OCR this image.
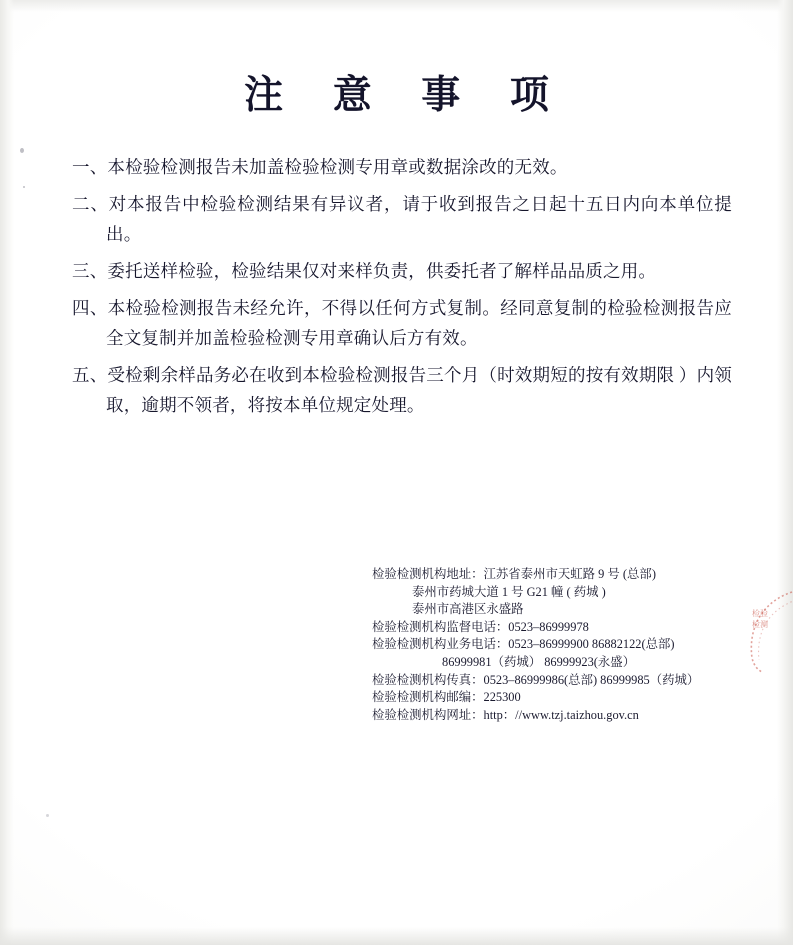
注 意 事 项
一、本检验检测报告未加盖检验检测专用章或数据涂改的无效。
二、对本报告中检验检测结果有异议者，请于收到报告之日起十五日内向本单位提出。
三、委托送样检验，检验结果仅对来样负责，供委托者了解样品品质之用。
四、本检验检测报告未经允许，不得以任何方式复制。经同意复制的检验检测报告应全文复制并加盖检验检测专用章确认后方有效。
五、受检剩余样品务必在收到本检验检测报告三个月（时效期短的按有效期限 ）内领取，逾期不领者，将按本单位规定处理。
检验检测机构地址：江苏省泰州市天虹路 9 号 (总部)
泰州市药城大道 1 号 G21 幢 ( 药城 )
泰州市高港区永盛路
检验检测机构监督电话：0523–86999978
检验检测机构业务电话：0523–86999900 86882122(总部)
86999981（药城） 86999923(永盛）
检验检测机构传真：0523–86999986(总部) 86999985（药城）
检验检测机构邮编：225300
检验检测机构网址：http：//www.tzj.taizhou.gov.cn
检验检测
